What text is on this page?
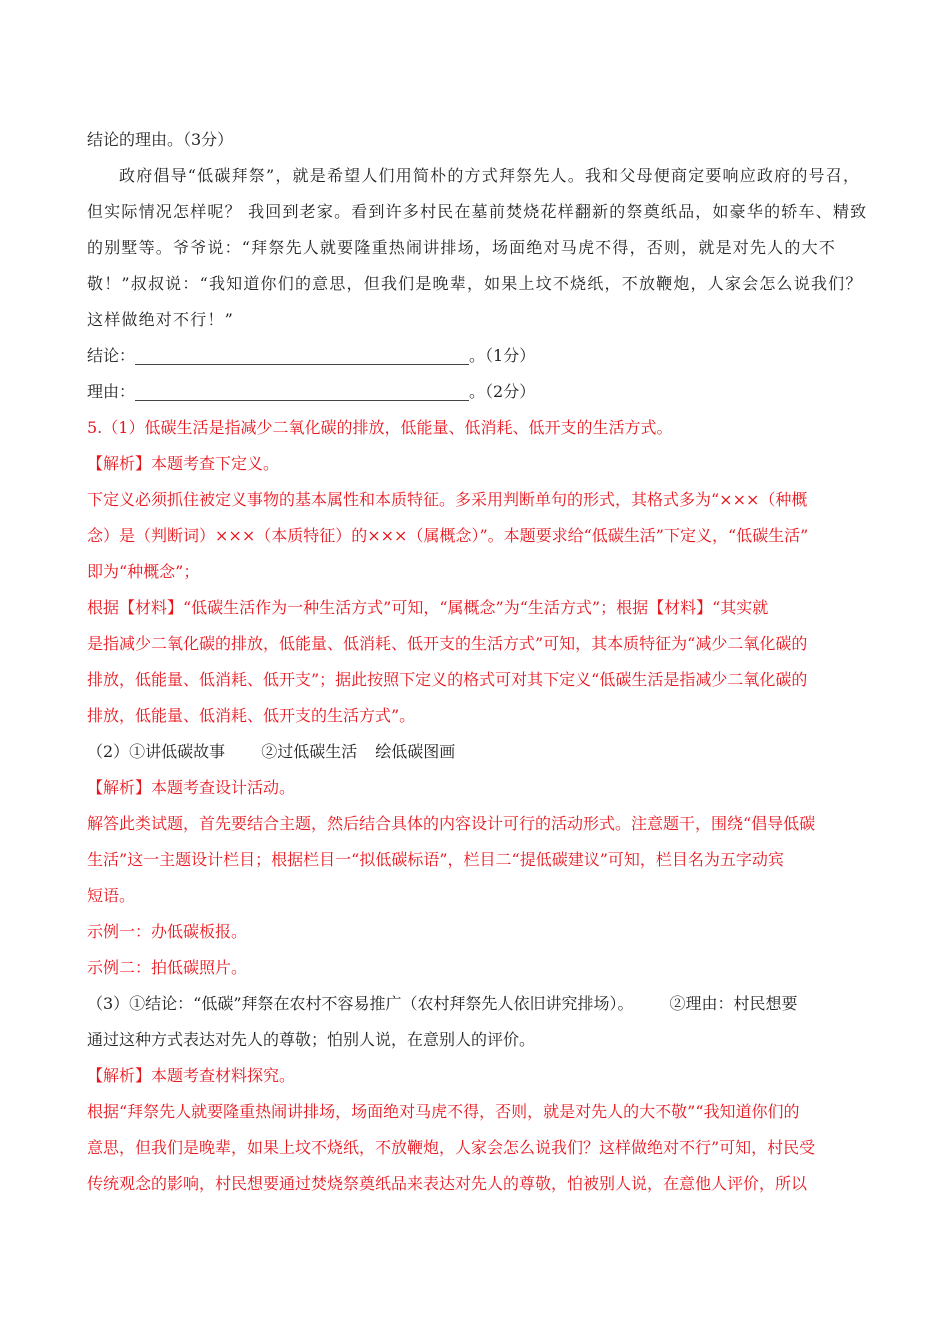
结论的理由。（3分）
政府倡导“低碳拜祭”，就是希望人们用简朴的方式拜祭先人。我和父母便商定要响应政府的号召，
但实际情况怎样呢？ 我回到老家。看到许多村民在墓前焚烧花样翻新的祭奠纸品，如豪华的轿车、精致
的别墅等。爷爷说：“拜祭先人就要隆重热闹讲排场，场面绝对马虎不得，否则，就是对先人的大不
敬！”叔叔说：“我知道你们的意思，但我们是晚辈，如果上坟不烧纸，不放鞭炮，人家会怎么说我们？
这样做绝对不行！”
结论：	。（1分）
理由：	。（2分）
5.（1）低碳生活是指减少二氧化碳的排放，低能量、低消耗、低开支的生活方式。
【解析】本题考查下定义。
下定义必须抓住被定义事物的基本属性和本质特征。多采用判断单句的形式，其格式多为“×××（种概
念）是（判断词）×××（本质特征）的×××（属概念）”。本题要求给“低碳生活”下定义，“低碳生活”
即为“种概念”；
根据【材料】“低碳生活作为一种生活方式”可知，“属概念”为“生活方式”；根据【材料】“其实就
是指减少二氧化碳的排放，低能量、低消耗、低开支的生活方式”可知，其本质特征为“减少二氧化碳的
排放，低能量、低消耗、低开支”；据此按照下定义的格式可对其下定义“低碳生活是指减少二氧化碳的
排放，低能量、低消耗、低开支的生活方式”。
（2）①讲低碳故事 ②过低碳生活 绘低碳图画
【解析】本题考查设计活动。
解答此类试题，首先要结合主题，然后结合具体的内容设计可行的活动形式。注意题干，围绕“倡导低碳
生活”这一主题设计栏目；根据栏目一“拟低碳标语”，栏目二“提低碳建议”可知，栏目名为五字动宾
短语。
示例一：办低碳板报。
示例二：拍低碳照片。
（3）①结论：“低碳”拜祭在农村不容易推广（农村拜祭先人依旧讲究排场）。 ②理由：村民想要
通过这种方式表达对先人的尊敬；怕别人说，在意别人的评价。
【解析】本题考查材料探究。
根据“拜祭先人就要隆重热闹讲排场，场面绝对马虎不得，否则，就是对先人的大不敬”“我知道你们的
意思，但我们是晚辈，如果上坟不烧纸，不放鞭炮，人家会怎么说我们？这样做绝对不行”可知，村民受
传统观念的影响，村民想要通过焚烧祭奠纸品来表达对先人的尊敬，怕被别人说，在意他人评价，所以
